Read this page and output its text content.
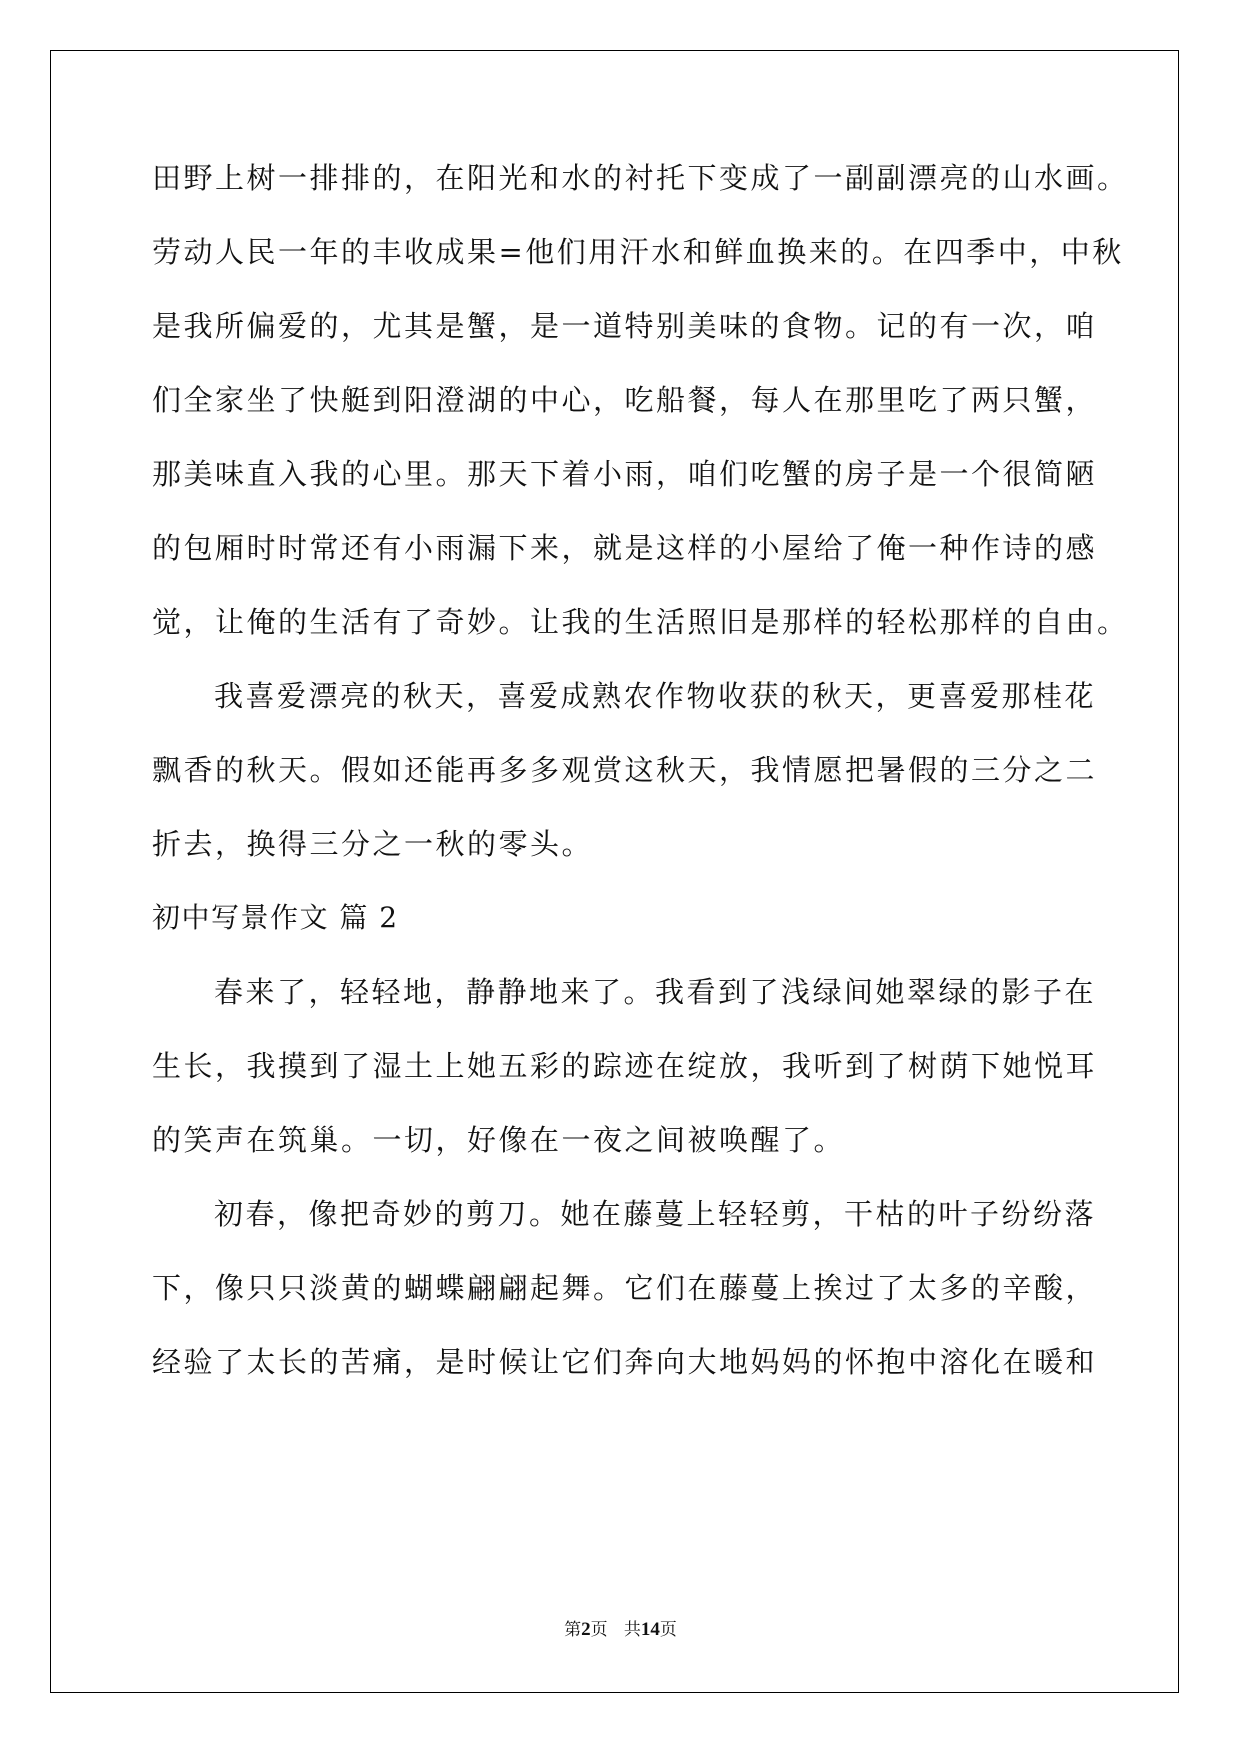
田野上树一排排的，在阳光和水的衬托下变成了一副副漂亮的山水画。
劳动人民一年的丰收成果=他们用汗水和鲜血换来的。在四季中，中秋
是我所偏爱的，尤其是蟹，是一道特别美味的食物。记的有一次，咱
们全家坐了快艇到阳澄湖的中心，吃船餐，每人在那里吃了两只蟹，
那美味直入我的心里。那天下着小雨，咱们吃蟹的房子是一个很简陋
的包厢时时常还有小雨漏下来，就是这样的小屋给了俺一种作诗的感
觉，让俺的生活有了奇妙。让我的生活照旧是那样的轻松那样的自由。
我喜爱漂亮的秋天，喜爱成熟农作物收获的秋天，更喜爱那桂花
飘香的秋天。假如还能再多多观赏这秋天，我情愿把暑假的三分之二
折去，换得三分之一秋的零头。
初中写景作文 篇 2
春来了，轻轻地，静静地来了。我看到了浅绿间她翠绿的影子在
生长，我摸到了湿土上她五彩的踪迹在绽放，我听到了树荫下她悦耳
的笑声在筑巢。一切，好像在一夜之间被唤醒了。
初春，像把奇妙的剪刀。她在藤蔓上轻轻剪，干枯的叶子纷纷落
下，像只只淡黄的蝴蝶翩翩起舞。它们在藤蔓上挨过了太多的辛酸，
经验了太长的苦痛，是时候让它们奔向大地妈妈的怀抱中溶化在暖和
第2页 共14页
